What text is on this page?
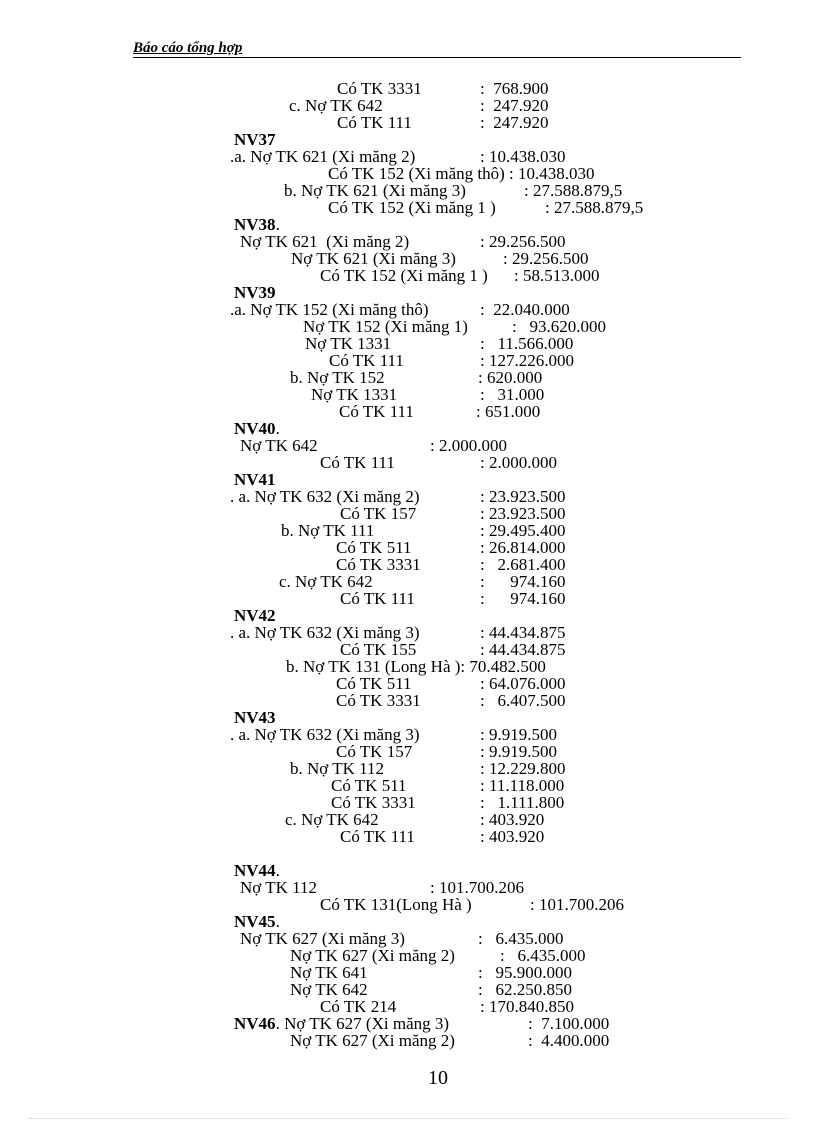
Báo cáo tổng hợp
Có TK 3331	:  768.900
c. Nợ TK 642	:  247.920
Có TK 111	:  247.920
NV37
.a. Nợ TK 621 (Xi măng 2)	: 10.438.030
Có TK 152 (Xi măng thô) : 10.438.030
b. Nợ TK 621 (Xi măng 3)	: 27.588.879,5
Có TK 152 (Xi măng 1 )	: 27.588.879,5
NV38.
Nợ TK 621  (Xi măng 2)	: 29.256.500
Nợ TK 621 (Xi măng 3)	: 29.256.500
Có TK 152 (Xi măng 1 ) : 58.513.000
NV39
.a. Nợ TK 152 (Xi măng thô)	:  22.040.000
Nợ TK 152 (Xi măng 1)	:   93.620.000
Nợ TK 1331	:   11.566.000
Có TK 111	: 127.226.000
b. Nợ TK 152	: 620.000
Nợ TK 1331	:   31.000
Có TK 111	: 651.000
NV40.
Nợ TK 642	: 2.000.000
Có TK 111	: 2.000.000
NV41
. a. Nợ TK 632 (Xi măng 2)	: 23.923.500
Có TK 157	: 23.923.500
b. Nợ TK 111	: 29.495.400
Có TK 511	: 26.814.000
Có TK 3331	:   2.681.400
c. Nợ TK 642	:      974.160
Có TK 111	:      974.160
NV42
. a. Nợ TK 632 (Xi măng 3)	: 44.434.875
Có TK 155	: 44.434.875
b. Nợ TK 131 (Long Hà ): 70.482.500
Có TK 511	: 64.076.000
Có TK 3331	:   6.407.500
NV43
. a. Nợ TK 632 (Xi măng 3)	: 9.919.500
Có TK 157	: 9.919.500
b. Nợ TK 112	: 12.229.800
Có TK 511	: 11.118.000
Có TK 3331	:   1.111.800
c. Nợ TK 642	: 403.920
Có TK 111	: 403.920
NV44.
Nợ TK 112	: 101.700.206
Có TK 131(Long Hà )	: 101.700.206
NV45.
Nợ TK 627 (Xi măng 3)	:   6.435.000
Nợ TK 627 (Xi măng 2)	:   6.435.000
Nợ TK 641	:   95.900.000
Nợ TK 642	:   62.250.850
Có TK 214	: 170.840.850
NV46. Nợ TK 627 (Xi măng 3)	:  7.100.000
Nợ TK 627 (Xi măng 2)	:  4.400.000
10
